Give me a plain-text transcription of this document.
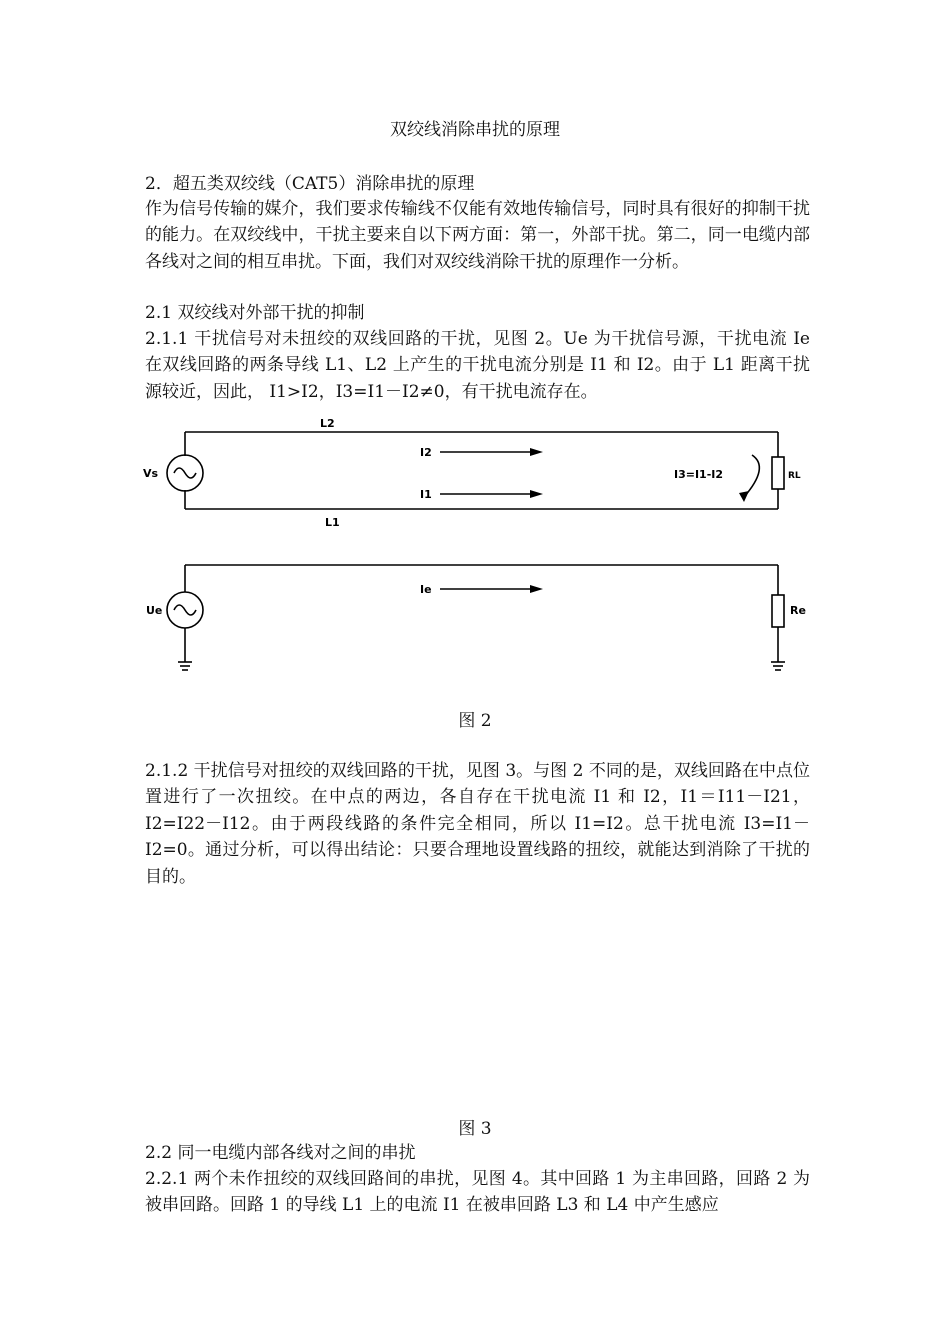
双绞线消除串扰的原理
2．超五类双绞线（CAT5）消除串扰的原理
作为信号传输的媒介，我们要求传输线不仅能有效地传输信号，同时具有很好的抑制干扰的能力。在双绞线中，干扰主要来自以下两方面：第一，外部干扰。第二，同一电缆内部各线对之间的相互串扰。下面，我们对双绞线消除干扰的原理作一分析。
2.1 双绞线对外部干扰的抑制
2.1.1 干扰信号对未扭绞的双线回路的干扰，见图 2。Ue 为干扰信号源，干扰电流 Ie 在双线回路的两条导线 L1、L2 上产生的干扰电流分别是 I1 和 I2。由于 L1 距离干扰源较近，因此， I1>I2，I3=I1－I2≠0，有干扰电流存在。
L2
L1
Vs
I2
I1
I3=I1-I2	RL
Ue
Ie
Re
图 2
2.1.2 干扰信号对扭绞的双线回路的干扰，见图 3。与图 2 不同的是，双线回路在中点位置进行了一次扭绞。在中点的两边，各自存在干扰电流 I1 和 I2，I1＝I11－I21，I2=I22－I12。由于两段线路的条件完全相同，所以 I1=I2。总干扰电流 I3=I1－I2=0。通过分析，可以得出结论：只要合理地设置线路的扭绞，就能达到消除了干扰的目的。
图 3
2.2 同一电缆内部各线对之间的串扰
2.2.1 两个未作扭绞的双线回路间的串扰，见图 4。其中回路 1 为主串回路，回路 2 为被串回路。回路 1 的导线 L1 上的电流 I1 在被串回路 L3 和 L4 中产生感应
